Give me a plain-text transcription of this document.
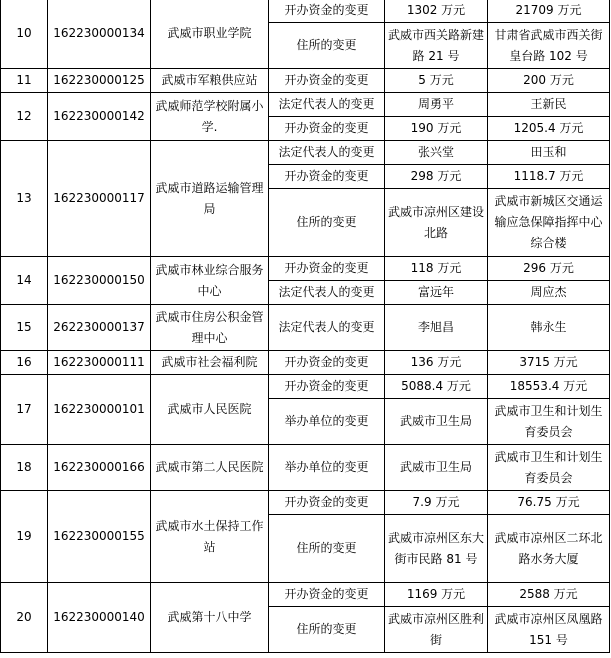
10	162230000134	武威市职业学院	开办资金的变更	1302 万元	21709 万元
			住所的变更	武威市西关路新建路 21 号	甘肃省武威市西关街皇台路 102 号
11	162230000125	武威市军粮供应站	开办资金的变更	5 万元	200 万元
12	162230000142	武威师范学校附属小学.	法定代表人的变更	周勇平	王新民
			开办资金的变更	190 万元	1205.4 万元
13	162230000117	武威市道路运输管理局	法定代表人的变更	张兴堂	田玉和
			开办资金的变更	298 万元	1118.7 万元
			住所的变更	武威市凉州区建设北路	武威市新城区交通运输应急保障指挥中心综合楼
14	162230000150	武威市林业综合服务中心	开办资金的变更	118 万元	296 万元
			法定代表人的变更	富远年	周应杰
15	262230000137	武威市住房公积金管理中心	法定代表人的变更	李旭昌	韩永生
16	162230000111	武威市社会福利院	开办资金的变更	136 万元	3715 万元
17	162230000101	武威市人民医院	开办资金的变更	5088.4 万元	18553.4 万元
			举办单位的变更	武威市卫生局	武威市卫生和计划生育委员会
18	162230000166	武威市第二人民医院	举办单位的变更	武威市卫生局	武威市卫生和计划生育委员会
19	162230000155	武威市水土保持工作站	开办资金的变更	7.9 万元	76.75 万元
			住所的变更	武威市凉州区东大街市民路 81 号	武威市凉州区二环北路水务大厦
20	162230000140	武威第十八中学	开办资金的变更	1169 万元	2588 万元
			住所的变更	武威市凉州区胜利街	武威市凉州区凤凰路 151 号
